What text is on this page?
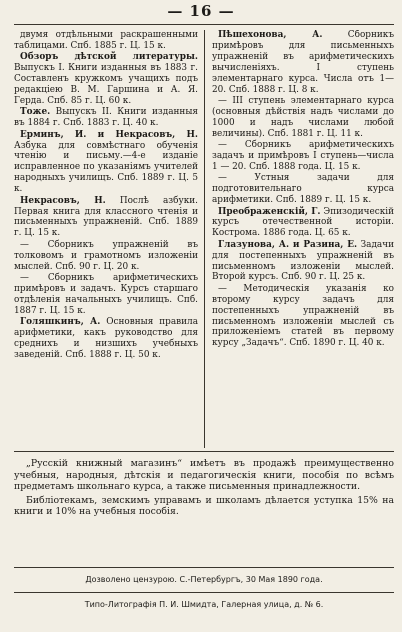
— 16 —

двумя отдѣльными раскрашенными таблицами. Спб. 1885 г. Ц. 15 к.

Обзоръ дѣтской литературы. Выпускъ I. Книги изданныя въ 1883 г. Составленъ кружкомъ учащихъ подъ редакціею В. М. Гаршина и А. Я. Герда. Спб. 85 г. Ц. 60 к.

Тоже. Выпускъ II. Книги изданныя въ 1884 г. Спб. 1883 г. Ц. 40 к.

Ерминъ, И. и Некрасовъ, Н. Азбука для совмѣстнаго обученія чтенію и письму.—4-е изданіе исправленное по указаніямъ учителей народныхъ училищъ. Спб. 1889 г. Ц. 5 к.

Некрасовъ, Н. Послѣ азбуки. Первая книга для классного чтенія и письменныхъ упражненій. Спб. 1889 г. Ц. 15 к.

— Сборникъ упражненій въ толковомъ и грамотномъ изложеніи мыслей. Спб. 90 г. Ц. 20 к.

— Сборникъ арифметическихъ примѣровъ и задачъ. Курсъ старшаго отдѣленія начальныхъ училищъ. Спб. 1887 г. Ц. 15 к.

Голяшкинъ, А. Основныя правила арифметики, какъ руководство для среднихъ и низшихъ учебныхъ заведеній. Спб. 1888 г. Ц. 50 к.

Пѣшехонова, А. Сборникъ примѣровъ для письменныхъ упражненій въ арифметическихъ вычисленіяхъ. I ступень элементарнаго курса. Числа отъ 1—20. Спб. 1888 г. Ц. 8 к.

— III ступень элементарнаго курса (основныя дѣйствія надъ числами до 1000 и надъ числами любой величины). Спб. 1881 г. Ц. 11 к.

— Сборникъ арифметическихъ задачъ и примѣровъ I ступень—числа 1 — 20. Спб. 1888 года. Ц. 15 к.

— Устныя задачи для подготовительнаго курса арифметики. Спб. 1889 г. Ц. 15 к.

Преображенскій, Г. Эпизодическій курсъ отечественной исторіи. Кострома. 1886 года. Ц. 65 к.

Глазунова, А. и Разина, Е. Задачи для постепенныхъ упражненій въ письменномъ изложеніи мыслей. Второй курсъ. Спб. 90 г. Ц. 25 к.

— Методическія указанія ко второму курсу задачъ для постепенныхъ упражненій въ письменномъ изложеніи мыслей съ приложеніемъ статей въ первому курсу „Задачъ“. Спб. 1890 г. Ц. 40 к.

„Русскій книжный магазинъ“ имѣетъ въ продажѣ преимущественно учебныя, народныя, дѣтскія и педагогическія книги, пособія по всѣмъ предметамъ школьнаго курса, а также письменныя принадлежности.

Библіотекамъ, земскимъ управамъ и школамъ дѣлается уступка 15% на книги и 10% на учебныя пособія.

Дозволено цензурою. С.-Петербургъ, 30 Мая 1890 года.
Типо-Литографія П. И. Шмидта, Галерная улица, д. № 6.
